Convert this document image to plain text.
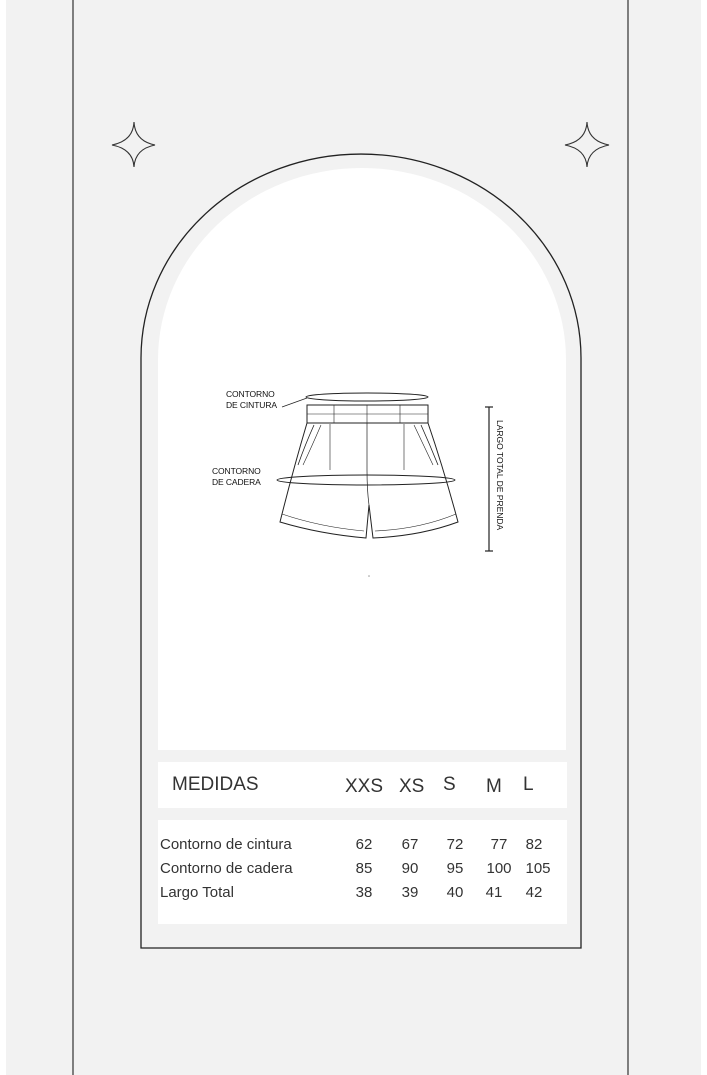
CONTORNO
DE CINTURA
CONTORNO
DE CADERA	LARGO TOTAL DE PRENDA
MEDIDAS	XXS XS S M L
Contorno de cintura	62	67	72	77	82
Contorno de cadera	85	90	95	100 105
Largo Total	38	39	40	41	42
